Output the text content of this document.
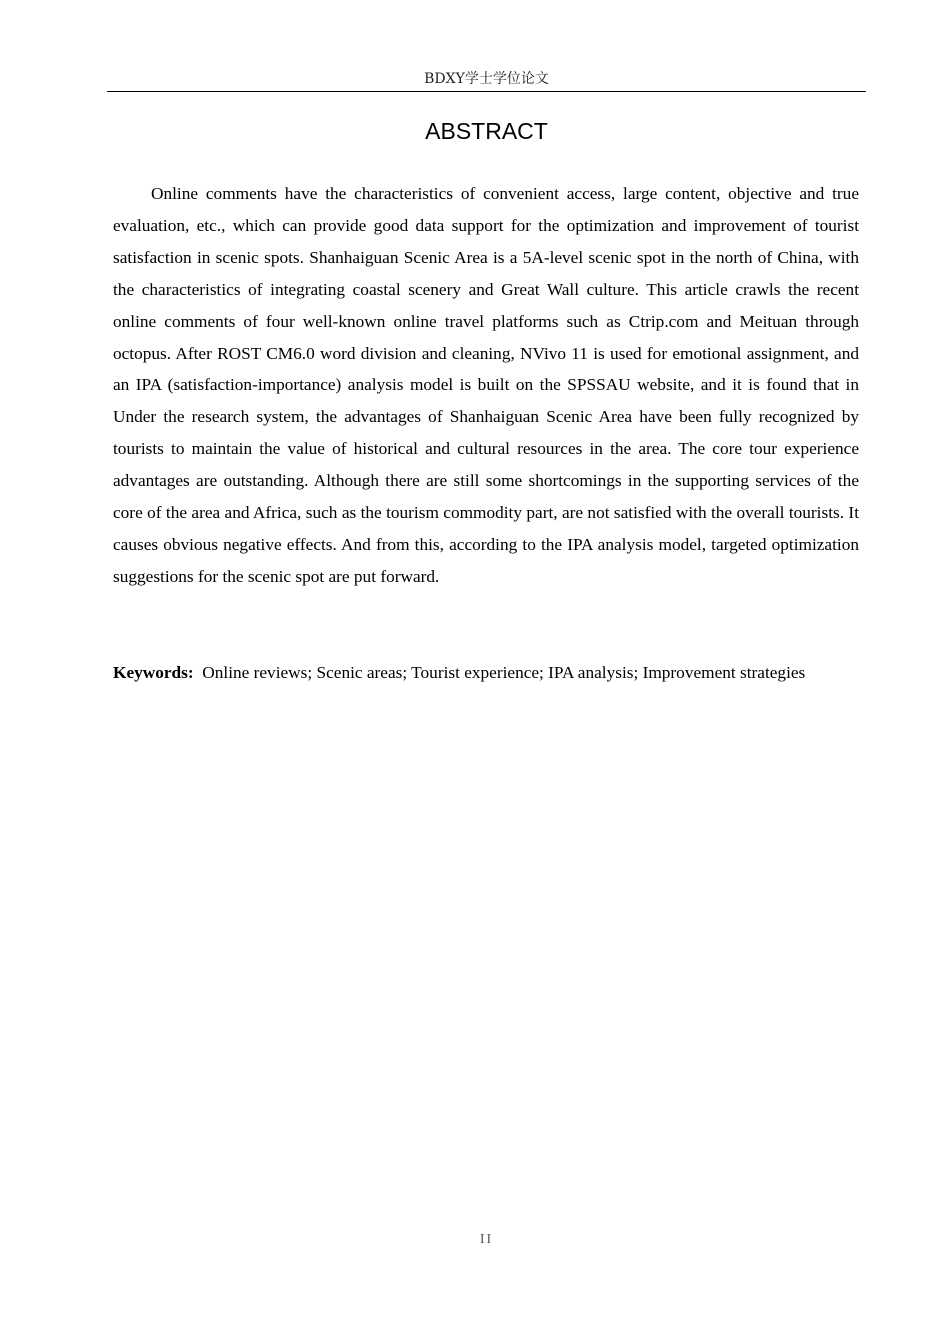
BDXY学士学位论文
ABSTRACT

Online comments have the characteristics of convenient access, large content, objective and true evaluation, etc., which can provide good data support for the optimization and improvement of tourist satisfaction in scenic spots. Shanhaiguan Scenic Area is a 5A-level scenic spot in the north of China, with the characteristics of integrating coastal scenery and Great Wall culture. This article crawls the recent online comments of four well-known online travel platforms such as Ctrip.com and Meituan through octopus. After ROST CM6.0 word division and cleaning, NVivo 11 is used for emotional assignment, and an IPA (satisfaction-importance) analysis model is built on the SPSSAU website, and it is found that in Under the research system, the advantages of Shanhaiguan Scenic Area have been fully recognized by tourists to maintain the value of historical and cultural resources in the area. The core tour experience advantages are outstanding. Although there are still some shortcomings in the supporting services of the core of the area and Africa, such as the tourism commodity part, are not satisfied with the overall tourists. It causes obvious negative effects. And from this, according to the IPA analysis model, targeted optimization suggestions for the scenic spot are put forward.

Keywords: Online reviews; Scenic areas; Tourist experience; IPA analysis; Improvement strategies

II
